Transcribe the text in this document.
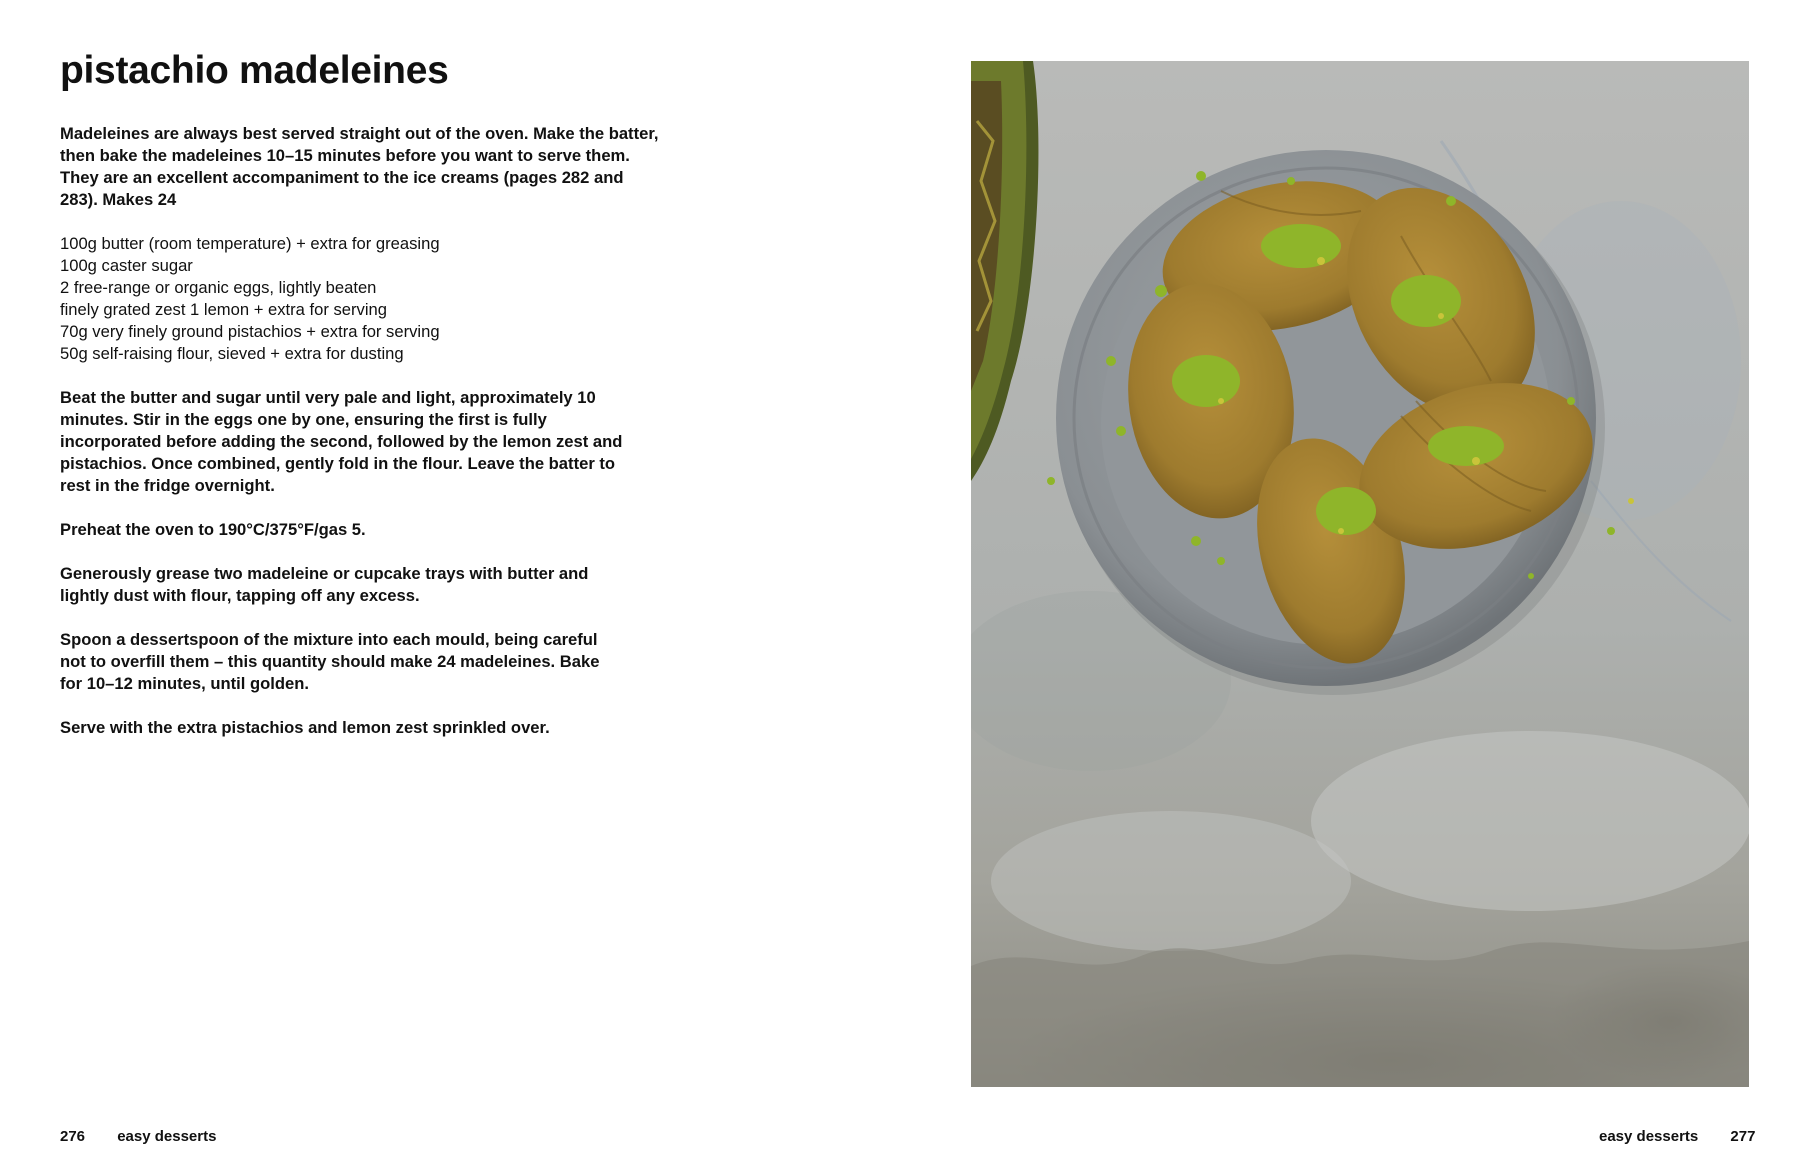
pistachio madeleines

Madeleines are always best served straight out of the oven. Make the batter, then bake the madeleines 10–15 minutes before you want to serve them. They are an excellent accompaniment to the ice creams (pages 282 and 283). Makes 24

100g butter (room temperature) + extra for greasing
100g caster sugar
2 free-range or organic eggs, lightly beaten
finely grated zest 1 lemon + extra for serving
70g very finely ground pistachios + extra for serving
50g self-raising flour, sieved + extra for dusting

Beat the butter and sugar until very pale and light, approximately 10 minutes. Stir in the eggs one by one, ensuring the first is fully incorporated before adding the second, followed by the lemon zest and pistachios. Once combined, gently fold in the flour. Leave the batter to rest in the fridge overnight.

Preheat the oven to 190°C/375°F/gas 5.

Generously grease two madeleine or cupcake trays with butter and lightly dust with flour, tapping off any excess.

Spoon a dessertspoon of the mixture into each mould, being careful not to overfill them – this quantity should make 24 madeleines. Bake for 10–12 minutes, until golden.

Serve with the extra pistachios and lemon zest sprinkled over.

276 easy desserts	easy desserts 277
